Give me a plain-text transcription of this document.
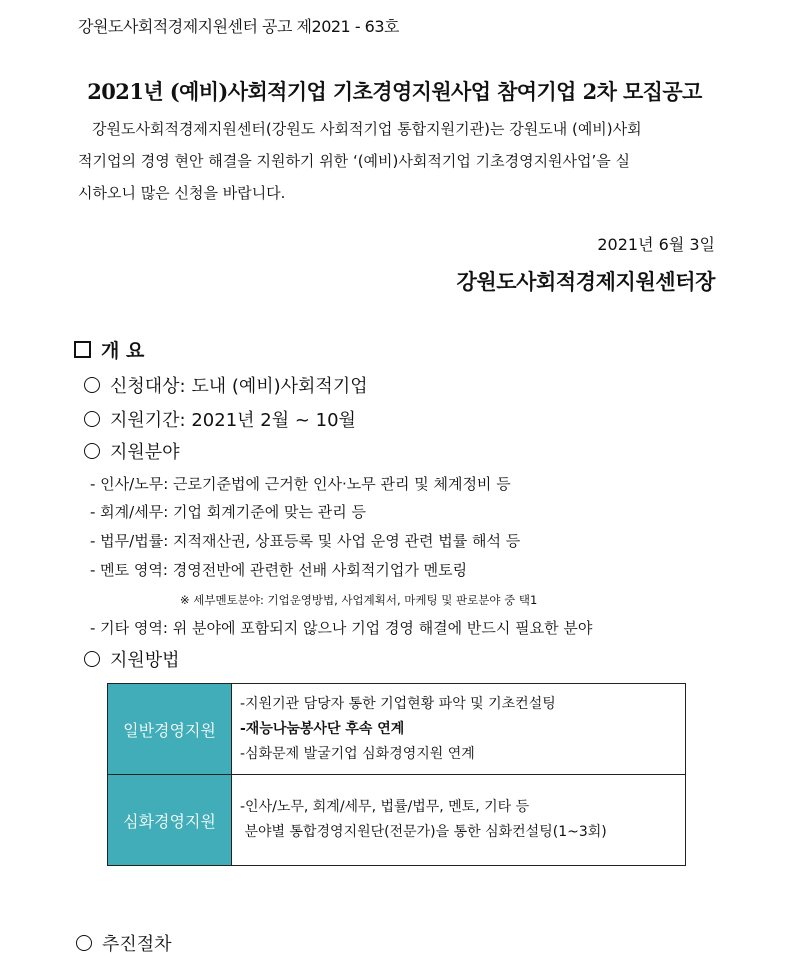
강원도사회적경제지원센터 공고 제2021 - 63호
2021년 (예비)사회적기업 기초경영지원사업 참여기업 2차 모집공고
강원도사회적경제지원센터(강원도 사회적기업 통합지원기관)는 강원도내 (예비)사회
적기업의 경영 현안 해결을 지원하기 위한 ‘(예비)사회적기업 기초경영지원사업’을 실
시하오니 많은 신청을 바랍니다.
2021년 6월 3일
강원도사회적경제지원센터장
개 요
신청대상: 도내 (예비)사회적기업
지원기간: 2021년 2월 ~ 10월
지원분야
- 인사/노무: 근로기준법에 근거한 인사·노무 관리 및 체계정비 등
- 회계/세무: 기업 회계기준에 맞는 관리 등
- 법무/법률: 지적재산권, 상표등록 및 사업 운영 관련 법률 해석 등
- 멘토 영역: 경영전반에 관련한 선배 사회적기업가 멘토링
※ 세부멘토분야: 기업운영방법, 사업계획서, 마케팅 및 판로분야 중 택1
- 기타 영역: 위 분야에 포함되지 않으나 기업 경영 해결에 반드시 필요한 분야
지원방법
일반경영지원	-지원기관 담당자 통한 기업현황 파악 및 기초컨설팅
-재능나눔봉사단 후속 연계
-심화문제 발굴기업 심화경영지원 연계

심화경영지원	-인사/노무, 회계/세무, 법률/법무, 멘토, 기타 등
분야별 통합경영지원단(전문가)을 통한 심화컨설팅(1~3회)
추진절차
